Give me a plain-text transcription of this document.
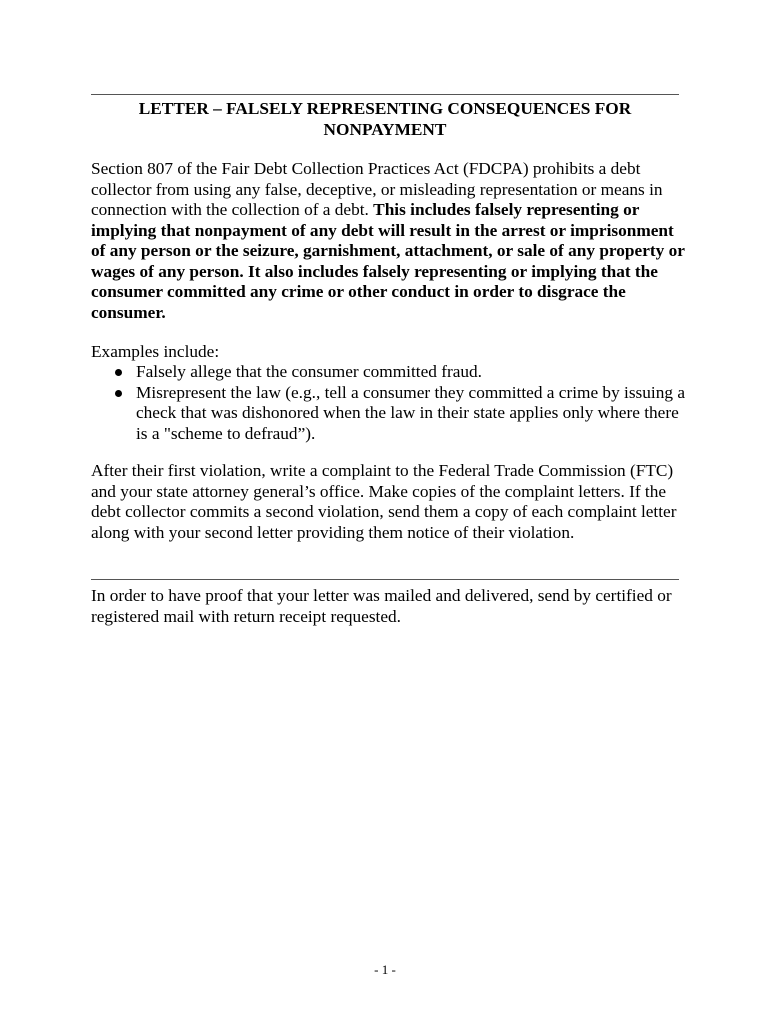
LETTER – FALSELY REPRESENTING CONSEQUENCES FOR NONPAYMENT

Section 807 of the Fair Debt Collection Practices Act (FDCPA) prohibits a debt collector from using any false, deceptive, or misleading representation or means in connection with the collection of a debt. This includes falsely representing or implying that nonpayment of any debt will result in the arrest or imprisonment of any person or the seizure, garnishment, attachment, or sale of any property or wages of any person. It also includes falsely representing or implying that the consumer committed any crime or other conduct in order to disgrace the consumer.

Examples include:

Falsely allege that the consumer committed fraud.
Misrepresent the law (e.g., tell a consumer they committed a crime by issuing a check that was dishonored when the law in their state applies only where there is a "scheme to defraud”).

After their first violation, write a complaint to the Federal Trade Commission (FTC) and your state attorney general’s office. Make copies of the complaint letters. If the debt collector commits a second violation, send them a copy of each complaint letter along with your second letter providing them notice of their violation.

In order to have proof that your letter was mailed and delivered, send by certified or registered mail with return receipt requested.

- 1 -
